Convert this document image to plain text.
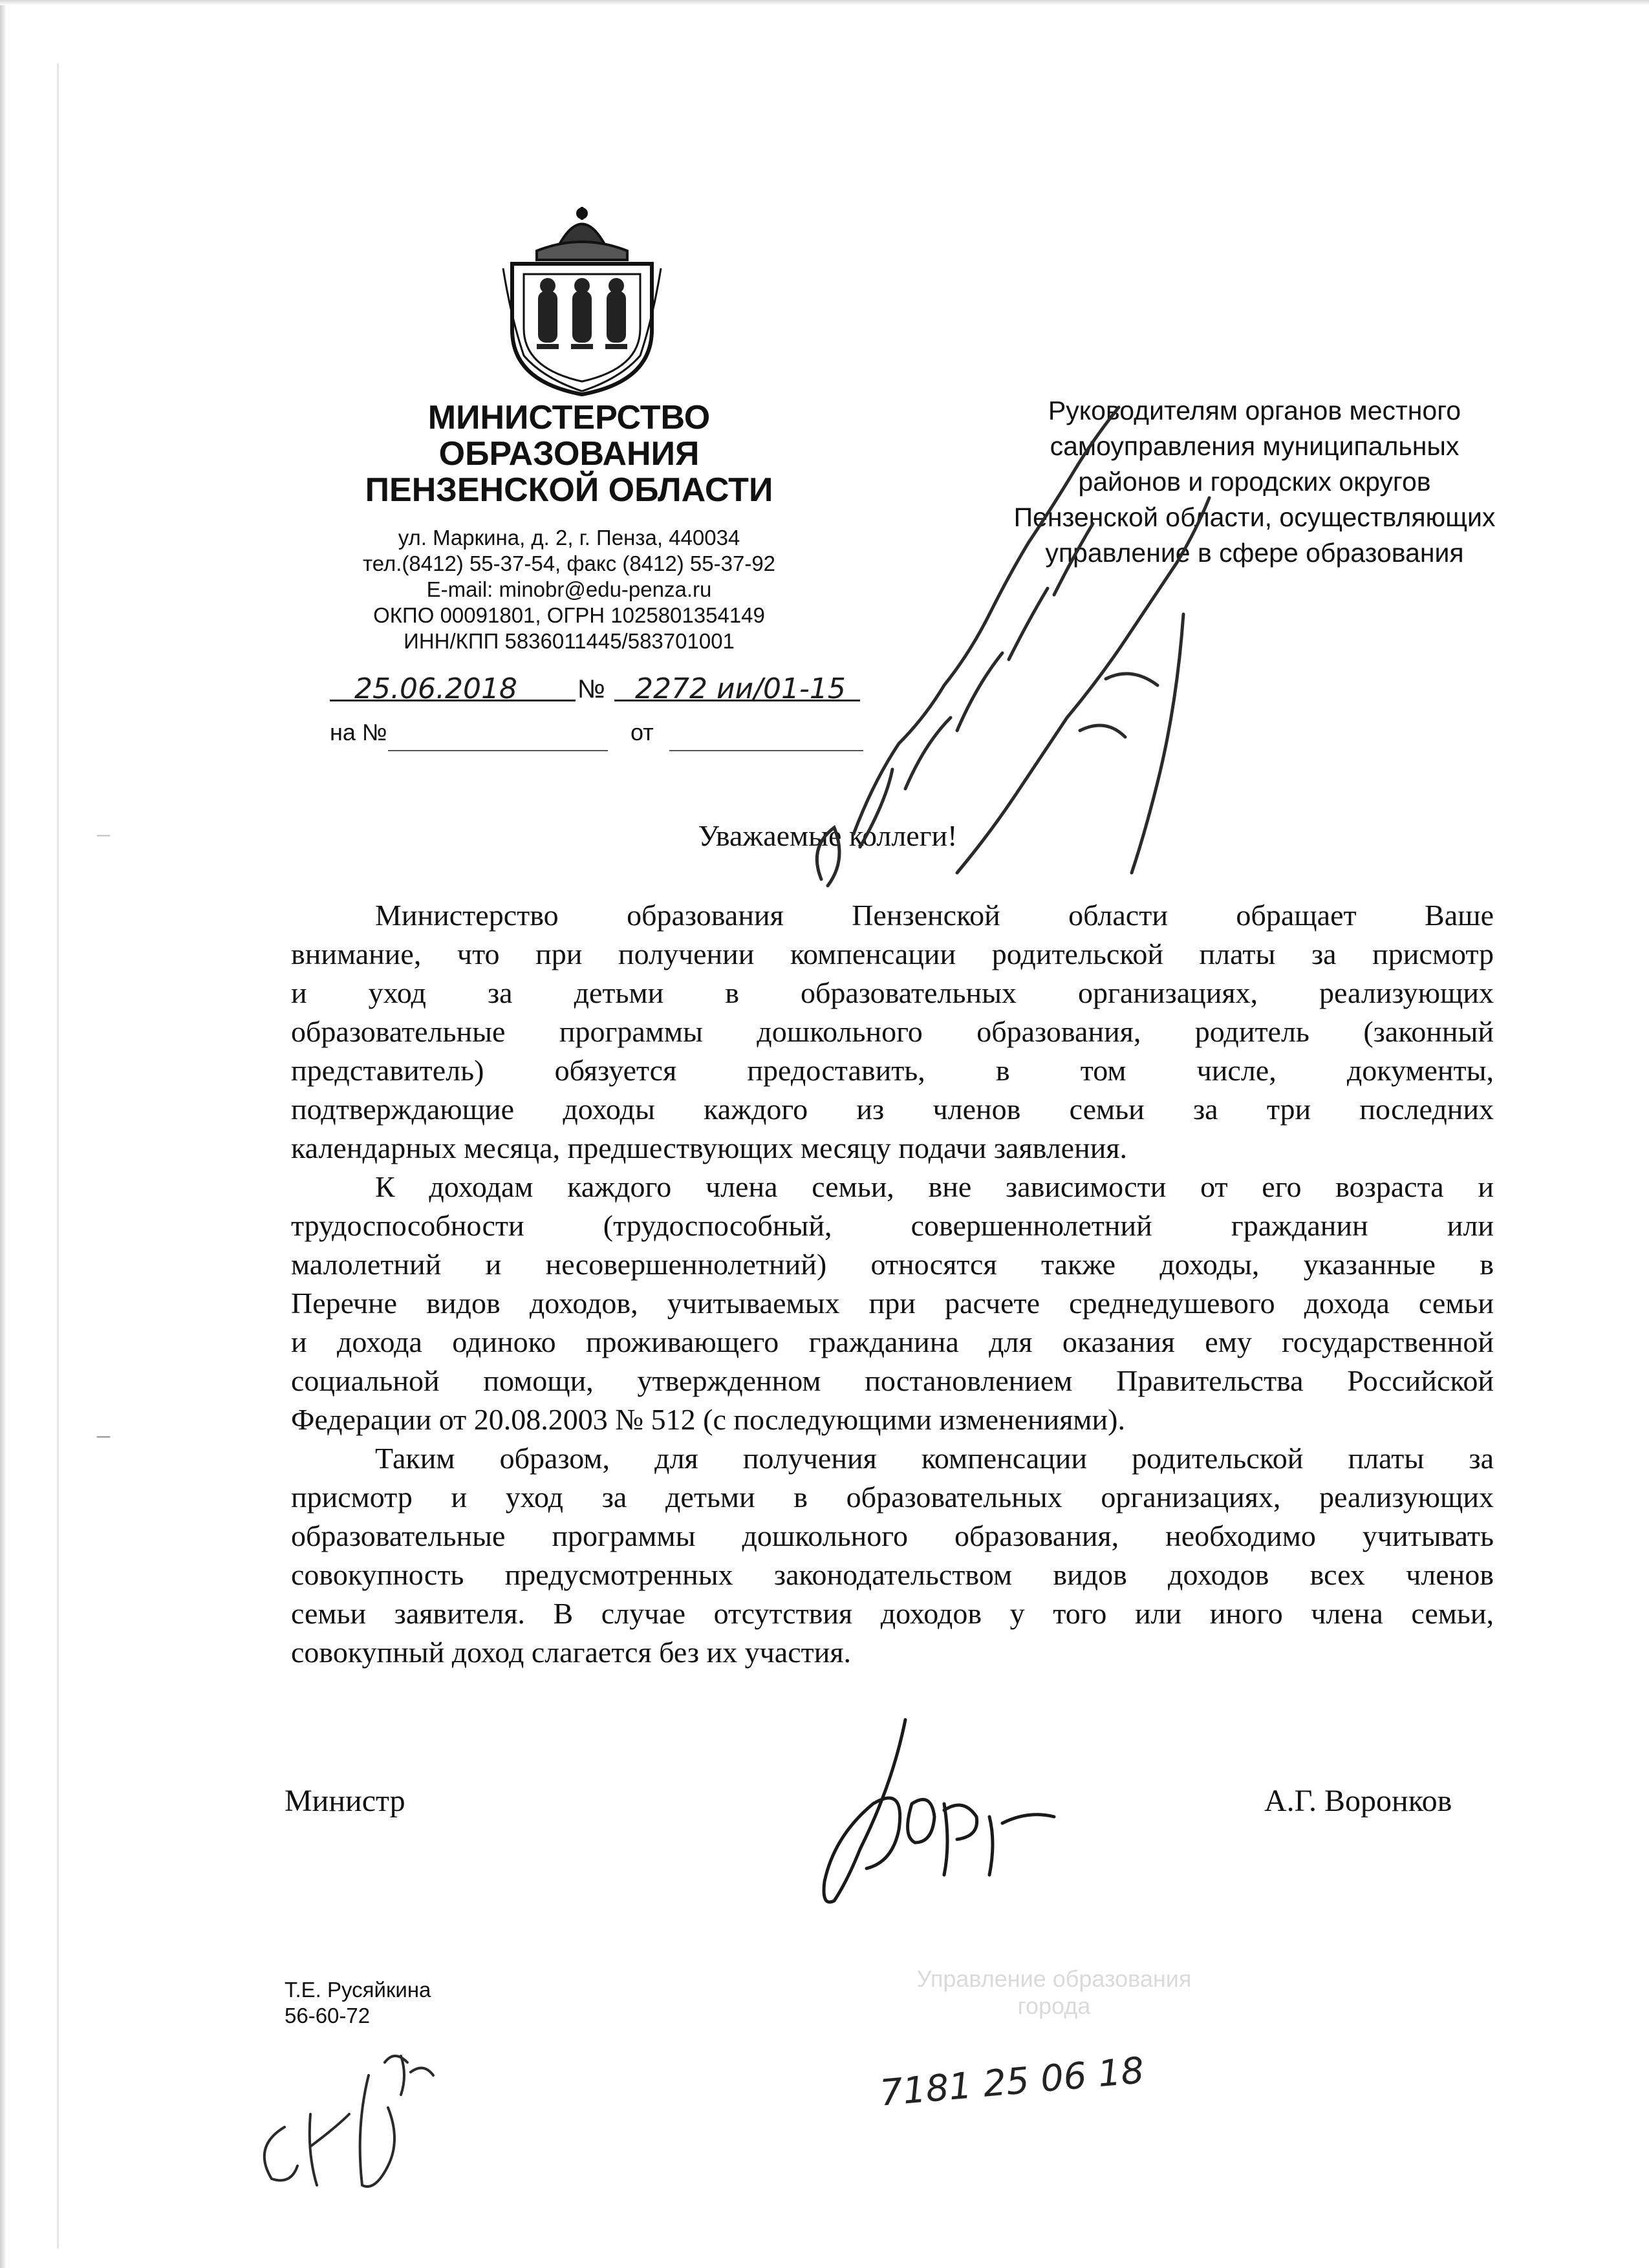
МИНИСТЕРСТВО
ОБРАЗОВАНИЯ
ПЕНЗЕНСКОЙ ОБЛАСТИ
ул. Маркина, д. 2, г. Пенза, 440034
тел.(8412) 55-37-54, факс (8412) 55-37-92
E-mail: minobr@edu-penza.ru
ОКПО 00091801, ОГРН 1025801354149
ИНН/КПП 5836011445/583701001
25.06.2018 № 2272 ии/01-15
на №	от
Руководителям органов местного
самоуправления муниципальных
районов и городских округов
Пензенской области, осуществляющих
управление в сфере образования
Уважаемые коллеги!
Министерство образования Пензенской области обращает Ваше
внимание, что при получении компенсации родительской платы за присмотр
и уход за детьми в образовательных организациях, реализующих
образовательные программы дошкольного образования, родитель (законный
представитель) обязуется предоставить, в том числе, документы,
подтверждающие доходы каждого из членов семьи за три последних
календарных месяца, предшествующих месяцу подачи заявления.
К доходам каждого члена семьи, вне зависимости от его возраста и
трудоспособности (трудоспособный, совершеннолетний гражданин или
малолетний и несовершеннолетний) относятся также доходы, указанные в
Перечне видов доходов, учитываемых при расчете среднедушевого дохода семьи
и дохода одиноко проживающего гражданина для оказания ему государственной
социальной помощи, утвержденном постановлением Правительства Российской
Федерации от 20.08.2003 № 512 (с последующими изменениями).
Таким образом, для получения компенсации родительской платы за
присмотр и уход за детьми в образовательных организациях, реализующих
образовательные программы дошкольного образования, необходимо учитывать
совокупность предусмотренных законодательством видов доходов всех членов
семьи заявителя. В случае отсутствия доходов у того или иного члена семьи,
совокупный доход слагается без их участия.
Министр	А.Г. Воронков
Т.Е. Русяйкина
56-60-72
Управление образования
города
7181 25 06 18
–
–
